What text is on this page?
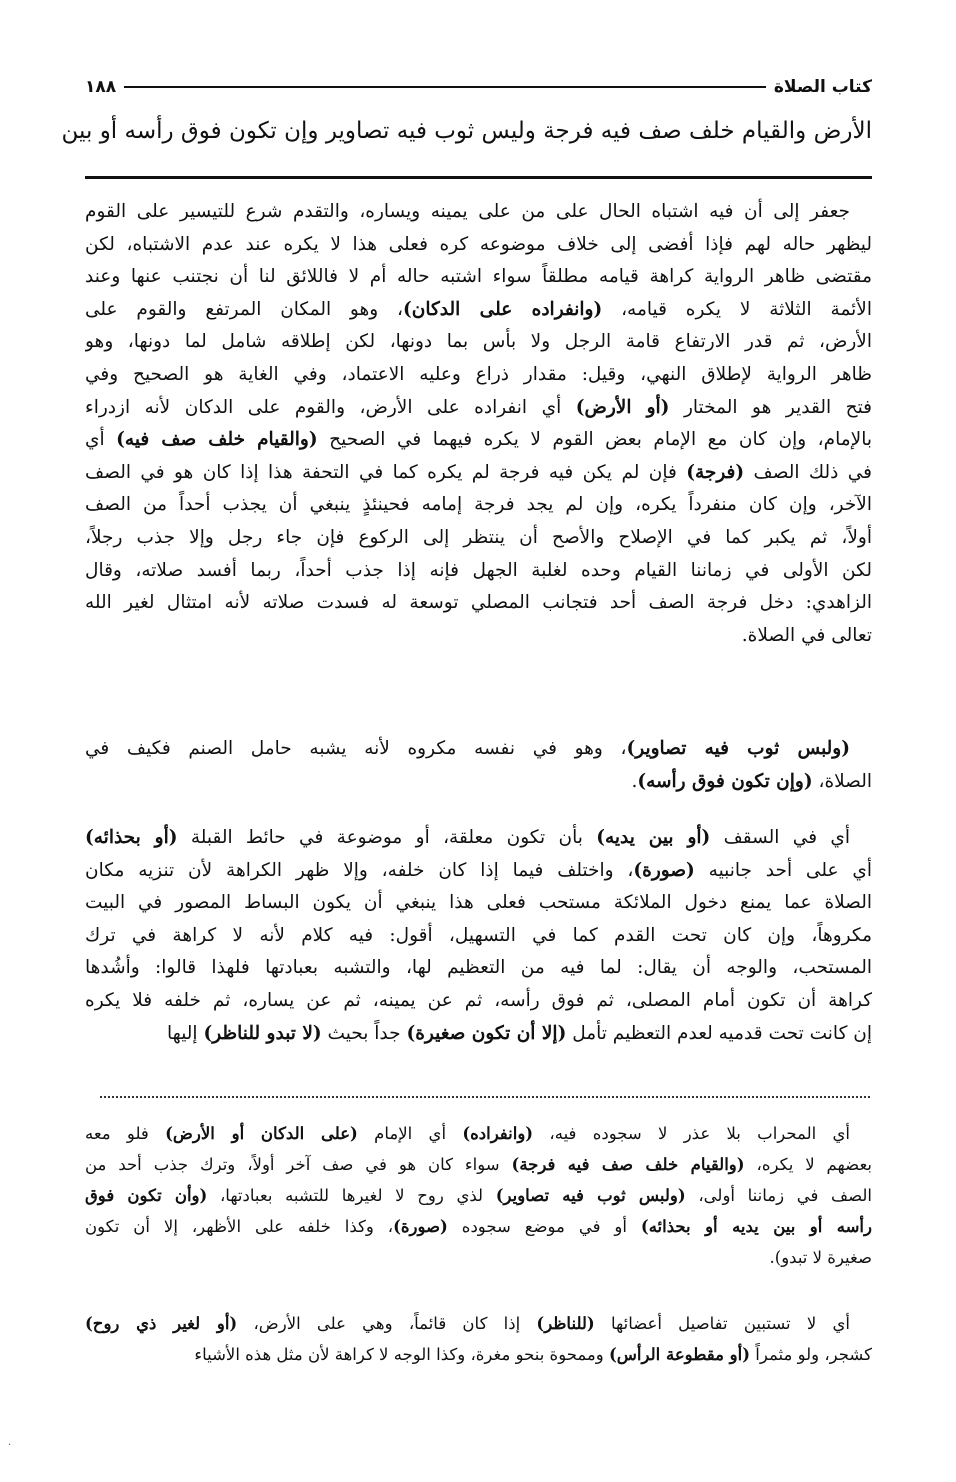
كتاب الصلاة
١٨٨
الأرض والقيام خلف صف فيه فرجة وليس ثوب فيه تصاوير وإن تكون فوق رأسه أو بين
جعفر إلى أن فيه اشتباه الحال على من على يمينه ويساره، والتقدم شرع للتيسير على القوم
ليظهر حاله لهم فإذا أفضى إلى خلاف موضوعه كره فعلى هذا لا يكره عند عدم الاشتباه، لكن
مقتضى ظاهر الرواية كراهة قيامه مطلقاً سواء اشتبه حاله أم لا فاللائق لنا أن نجتنب عنها وعند
الأئمة الثلاثة لا يكره قيامه، (وانفراده على الدكان)، وهو المكان المرتفع والقوم على
الأرض، ثم قدر الارتفاع قامة الرجل ولا بأس بما دونها، لكن إطلاقه شامل لما دونها، وهو
ظاهر الرواية لإطلاق النهي، وقيل: مقدار ذراع وعليه الاعتماد، وفي الغاية هو الصحيح وفي
فتح القدير هو المختار (أو الأرض) أي انفراده على الأرض، والقوم على الدكان لأنه ازدراء
بالإمام، وإن كان مع الإمام بعض القوم لا يكره فيهما في الصحيح (والقيام خلف صف فيه) أي
في ذلك الصف (فرجة) فإن لم يكن فيه فرجة لم يكره كما في التحفة هذا إذا كان هو في الصف
الآخر، وإن كان منفرداً يكره، وإن لم يجد فرجة إمامه فحينئذٍ ينبغي أن يجذب أحداً من الصف
أولاً، ثم يكبر كما في الإصلاح والأصح أن ينتظر إلى الركوع فإن جاء رجل وإلا جذب رجلاً،
لكن الأولى في زماننا القيام وحده لغلبة الجهل فإنه إذا جذب أحداً، ربما أفسد صلاته، وقال
الزاهدي: دخل فرجة الصف أحد فتجانب المصلي توسعة له فسدت صلاته لأنه امتثال لغير الله
تعالى في الصلاة.
(ولبس ثوب فيه تصاوير)، وهو في نفسه مكروه لأنه يشبه حامل الصنم فكيف في
الصلاة، (وإن تكون فوق رأسه).
أي في السقف (أو بين يديه) بأن تكون معلقة، أو موضوعة في حائط القبلة (أو بحذائه)
أي على أحد جانبيه (صورة)، واختلف فيما إذا كان خلفه، وإلا ظهر الكراهة لأن تنزيه مكان
الصلاة عما يمنع دخول الملائكة مستحب فعلى هذا ينبغي أن يكون البساط المصور في البيت
مكروهاً، وإن كان تحت القدم كما في التسهيل، أقول: فيه كلام لأنه لا كراهة في ترك
المستحب، والوجه أن يقال: لما فيه من التعظيم لها، والتشبه بعبادتها فلهذا قالوا: وأشُدها
كراهة أن تكون أمام المصلى، ثم فوق رأسه، ثم عن يمينه، ثم عن يساره، ثم خلفه فلا يكره
إن كانت تحت قدميه لعدم التعظيم تأمل (إلا أن تكون صغيرة) جداً بحيث (لا تبدو للناظر) إليها
أي المحراب بلا عذر لا سجوده فيه، (وانفراده) أي الإمام (على الدكان أو الأرض) فلو معه
بعضهم لا يكره، (والقيام خلف صف فيه فرجة) سواء كان هو في صف آخر أولاً، وترك جذب أحد من
الصف في زماننا أولى، (ولبس ثوب فيه تصاوير) لذي روح لا لغيرها للتشبه بعبادتها، (وأن تكون فوق
رأسه أو بين يديه أو بحذائه) أو في موضع سجوده (صورة)، وكذا خلفه على الأظهر، إلا أن تكون
صغيرة لا تبدو).
أي لا تستبين تفاصيل أعضائها (للناظر) إذا كان قائماً، وهي على الأرض، (أو لغير ذي روح)
كشجر، ولو مثمراً (أو مقطوعة الرأس) وممحوة بنحو مغرة، وكذا الوجه لا كراهة لأن مثل هذه الأشياء
·
